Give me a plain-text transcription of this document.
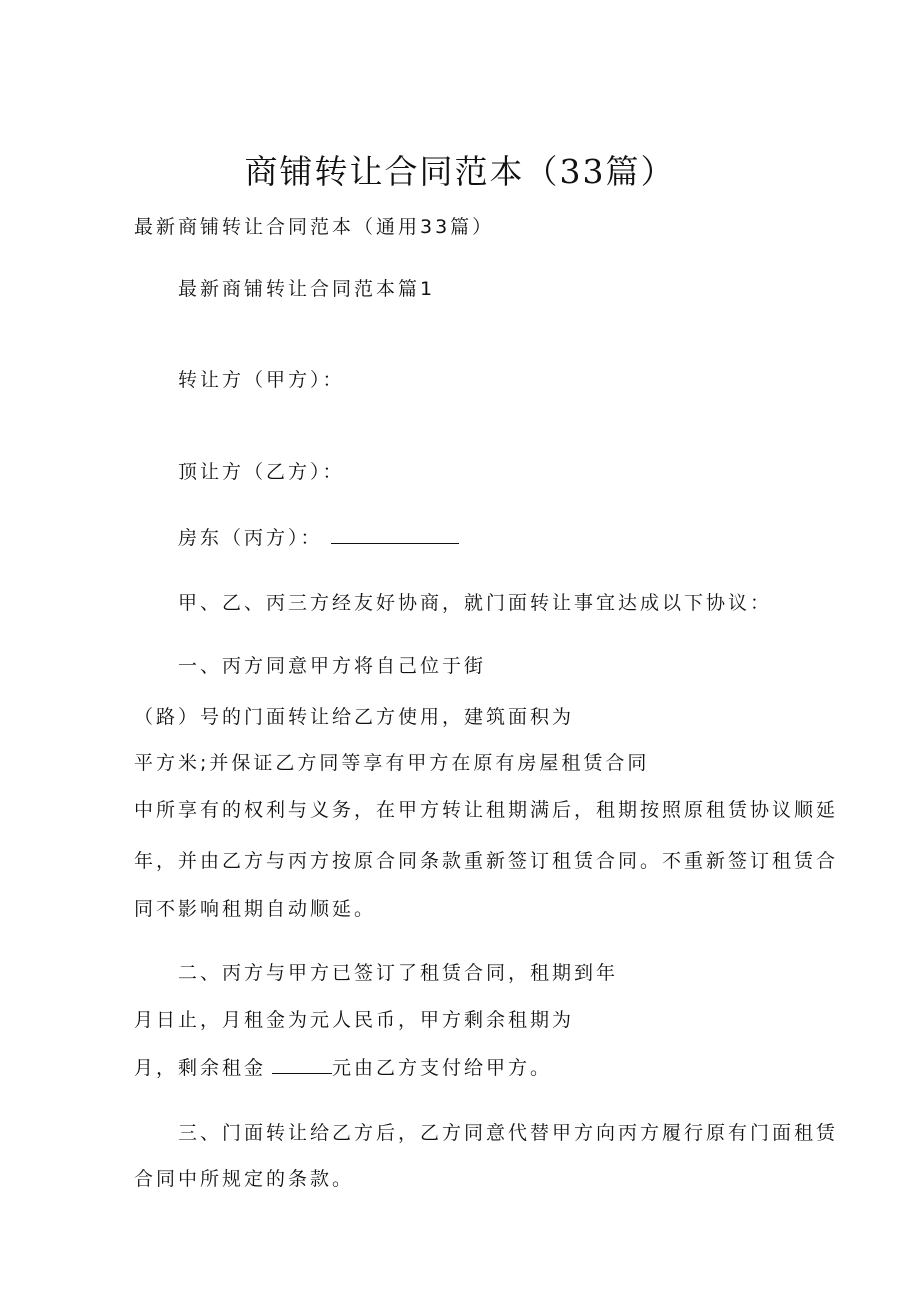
商铺转让合同范本（33篇）
最新商铺转让合同范本（通用33篇）
最新商铺转让合同范本篇1
转让方（甲方）：
顶让方（乙方）：
房东（丙方）：
甲、乙、丙三方经友好协商，就门面转让事宜达成以下协议：
一、丙方同意甲方将自己位于街
（路）号的门面转让给乙方使用，建筑面积为
平方米;并保证乙方同等享有甲方在原有房屋租赁合同
中所享有的权利与义务，在甲方转让租期满后，租期按照原租赁协议顺延
年，并由乙方与丙方按原合同条款重新签订租赁合同。不重新签订租赁合
同不影响租期自动顺延。
二、丙方与甲方已签订了租赁合同，租期到年
月日止，月租金为元人民币，甲方剩余租期为
月，剩余租金	元由乙方支付给甲方。
三、门面转让给乙方后，乙方同意代替甲方向丙方履行原有门面租赁
合同中所规定的条款。
